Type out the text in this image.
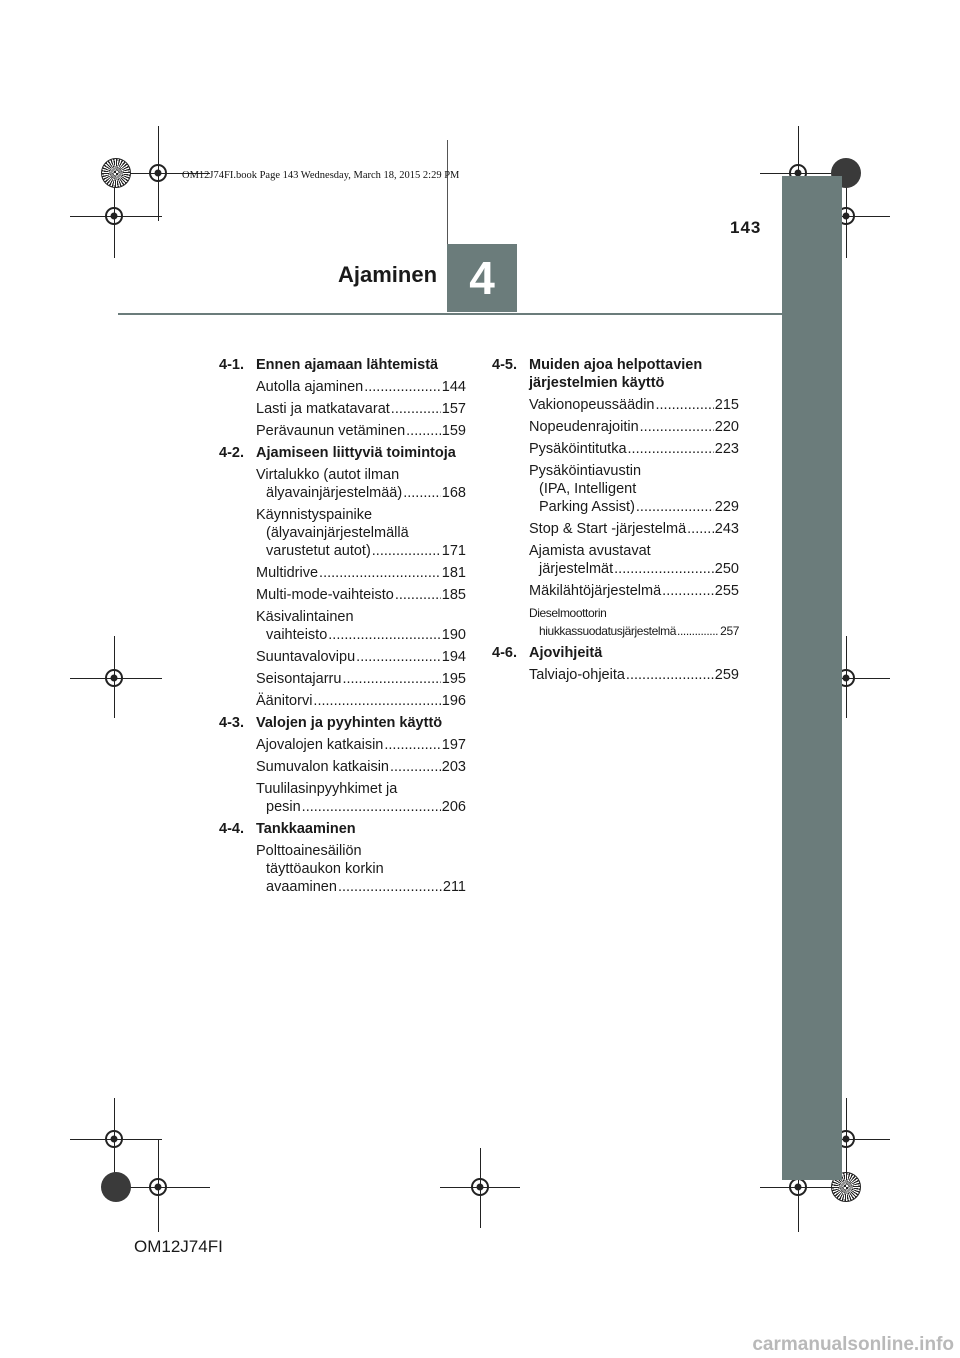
OM12J74FI.book Page 143 Wednesday, March 18, 2015 2:29 PM
143
Ajaminen 4
4-1. Ennen ajamaan lähtemistä
Autolla ajaminen .....	144
Lasti ja matkatavarat .....	157
Perävaunun vetäminen .....	159
4-2. Ajamiseen liittyviä toimintoja
Virtalukko (autot ilman
älyavainjärjestelmää) .....	168
Käynnistyspainike
(älyavainjärjestelmällä
varustetut autot) .....	171
Multidrive .....	181
Multi-mode-vaihteisto .....	185
Käsivalintainen
vaihteisto .....	190
Suuntavalovipu .....	194
Seisontajarru .....	195
Äänitorvi .....	196
4-3. Valojen ja pyyhinten käyttö
Ajovalojen katkaisin .....	197
Sumuvalon katkaisin .....	203
Tuulilasinpyyhkimet ja
pesin .....	206
4-4. Tankkaaminen
Polttoainesäiliön
täyttöaukon korkin
avaaminen .....	211
4-5. Muiden ajoa helpottavien järjestelmien käyttö
Vakionopeussäädin .....	215
Nopeudenrajoitin .....	220
Pysäköintitutka .....	223
Pysäköintiavustin
(IPA, Intelligent
Parking Assist) .....	229
Stop & Start -järjestelmä ..... 243
Ajamista avustavat
järjestelmät .....	250
Mäkilähtöjärjestelmä .....	255
Dieselmoottorin
hiukkassuodatusjärjestelmä .....	257
4-6. Ajovihjeitä
Talviajo-ohjeita .....	259
OM12J74FI
carmanualsonline.info
